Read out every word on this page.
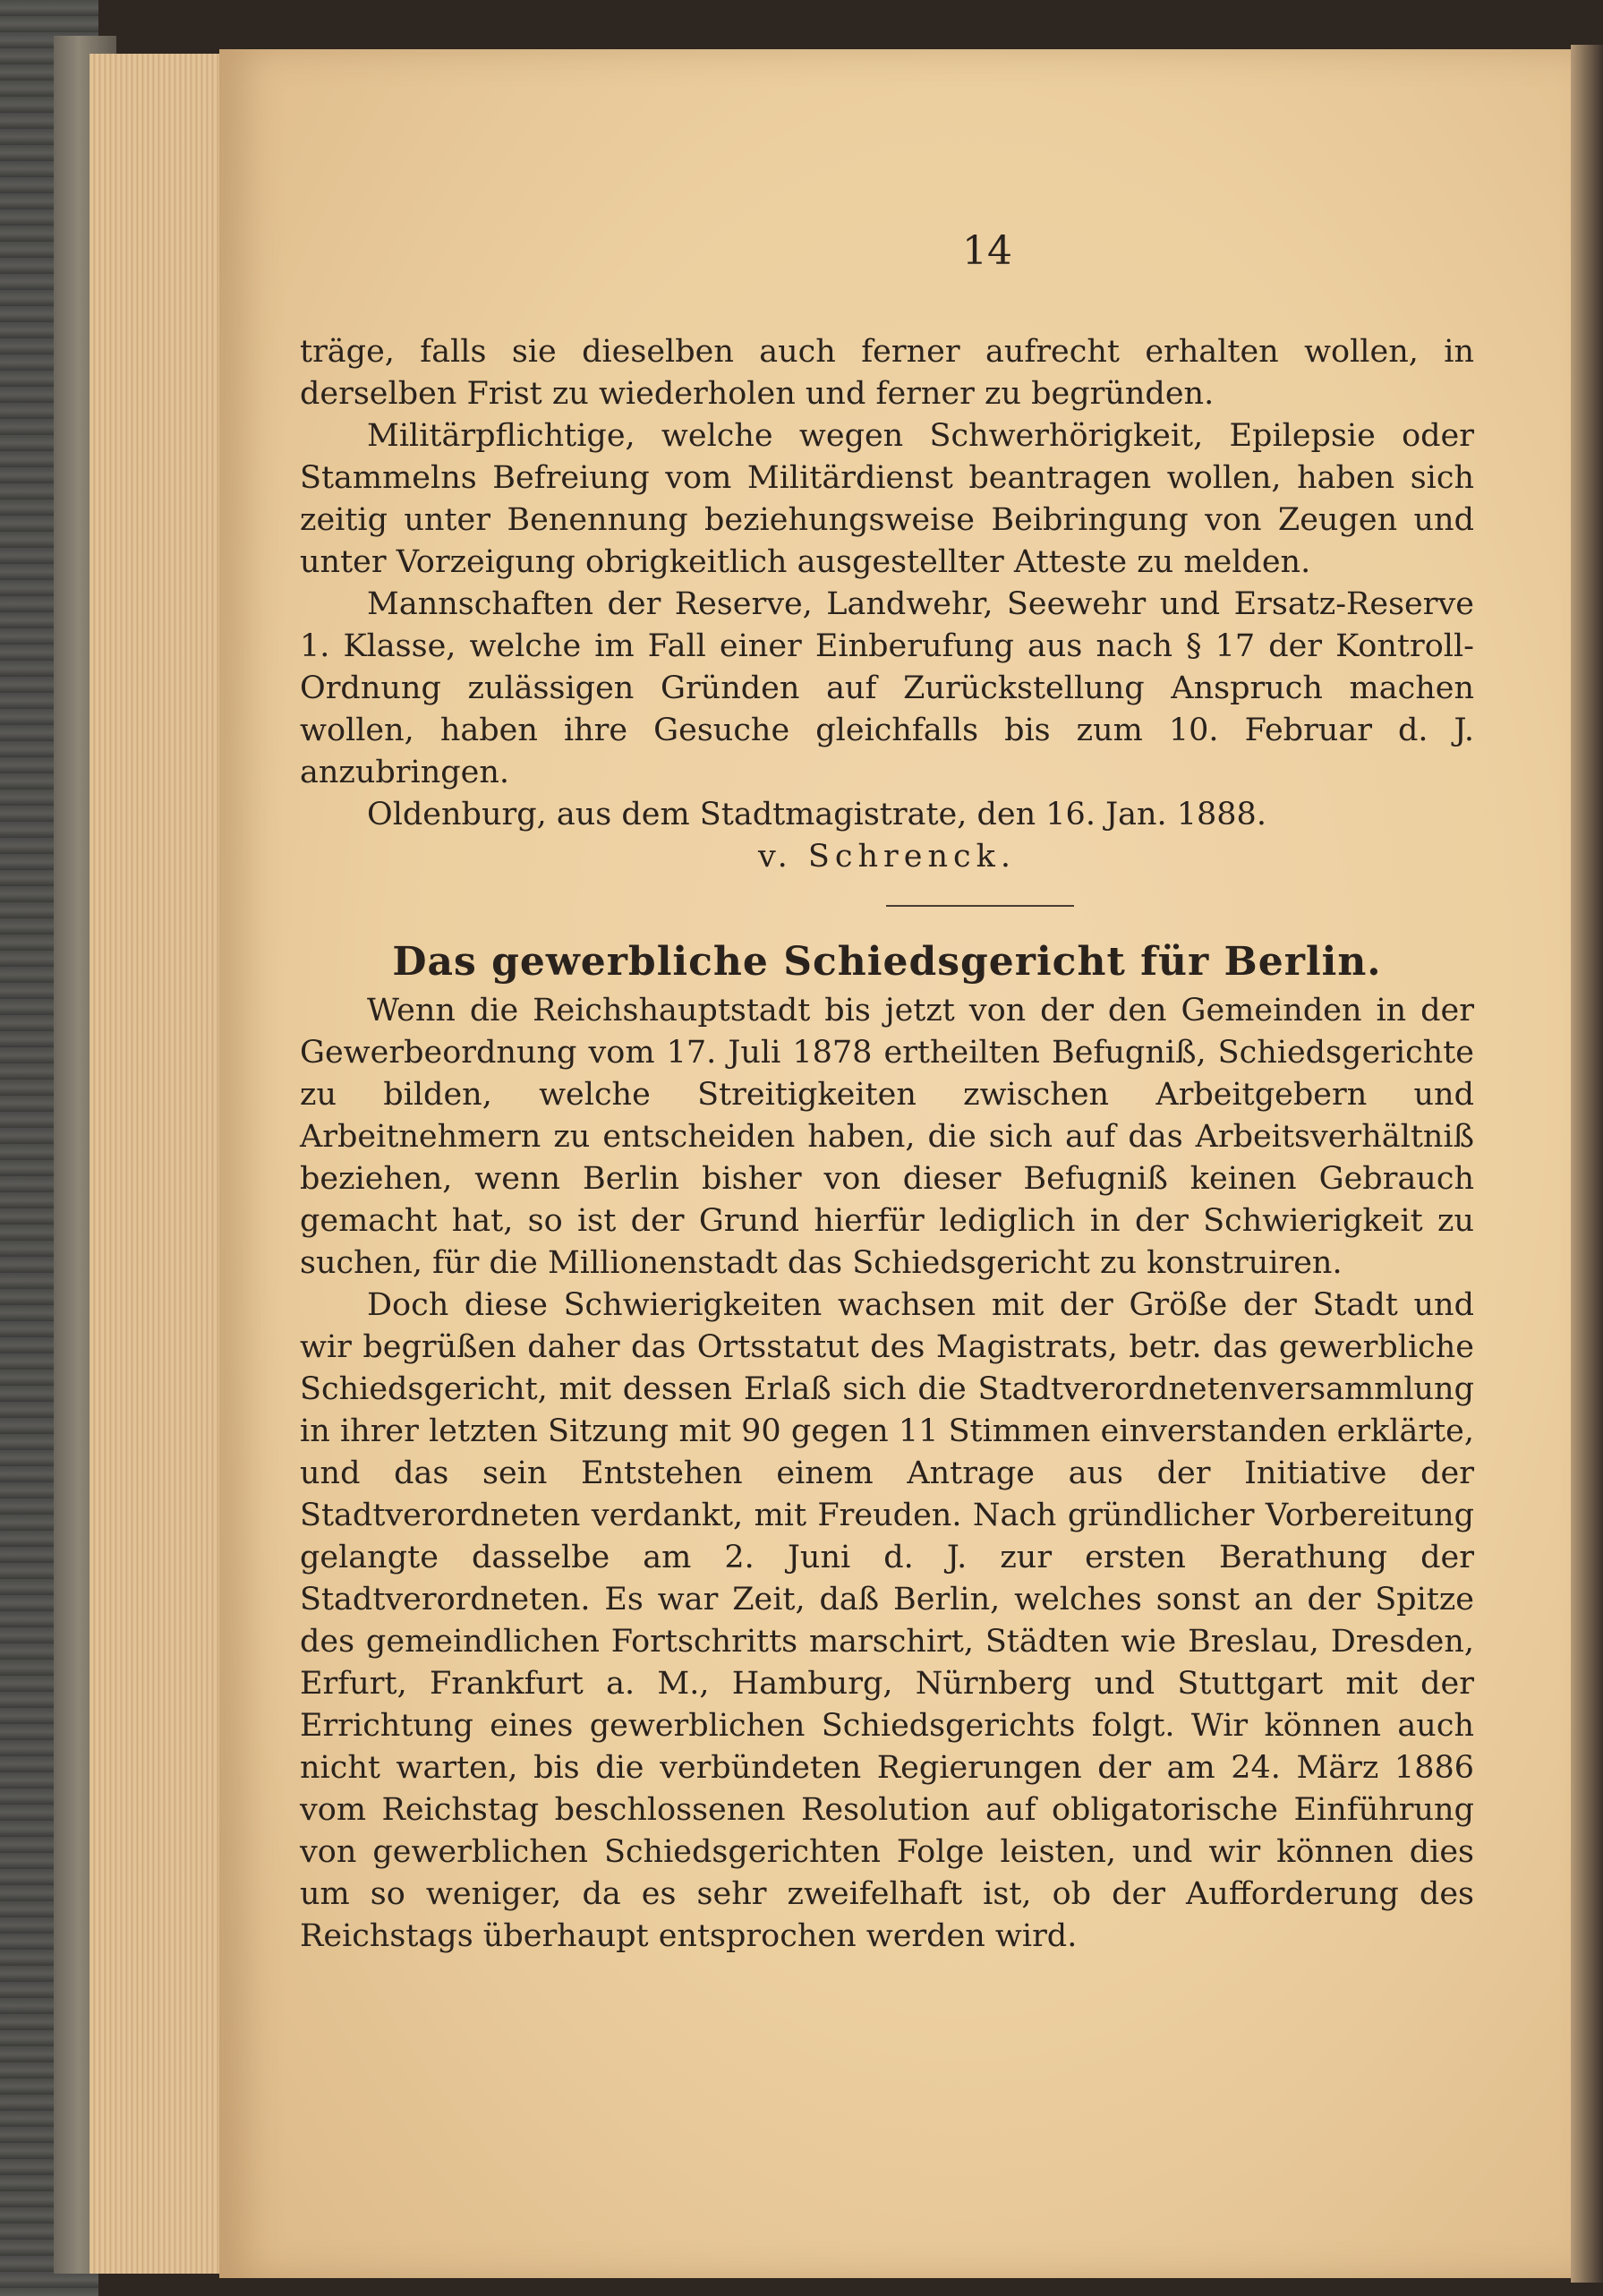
14

träge, falls sie dieselben auch ferner aufrecht erhalten wollen, in derselben Frist zu wiederholen und ferner zu begründen.

Militärpflichtige, welche wegen Schwerhörigkeit, Epilepsie oder Stammelns Befreiung vom Militärdienst beantragen wollen, haben sich zeitig unter Benennung beziehungsweise Beibringung von Zeugen und unter Vorzeigung obrigkeitlich ausgestellter Atteste zu melden.

Mannschaften der Reserve, Landwehr, Seewehr und Ersatz-Reserve 1. Klasse, welche im Fall einer Einberufung aus nach § 17 der Kontroll-Ordnung zulässigen Gründen auf Zurückstellung Anspruch machen wollen, haben ihre Gesuche gleichfalls bis zum 10. Februar d. J. anzubringen.

Oldenburg, aus dem Stadtmagistrate, den 16. Jan. 1888.

v. Schrenck.

Das gewerbliche Schiedsgericht für Berlin.

Wenn die Reichshauptstadt bis jetzt von der den Gemeinden in der Gewerbeordnung vom 17. Juli 1878 ertheilten Befugniß, Schiedsgerichte zu bilden, welche Streitigkeiten zwischen Arbeitgebern und Arbeitnehmern zu entscheiden haben, die sich auf das Arbeitsverhältniß beziehen, wenn Berlin bisher von dieser Befugniß keinen Gebrauch gemacht hat, so ist der Grund hierfür lediglich in der Schwierigkeit zu suchen, für die Millionenstadt das Schiedsgericht zu konstruiren.

Doch diese Schwierigkeiten wachsen mit der Größe der Stadt und wir begrüßen daher das Ortsstatut des Magistrats, betr. das gewerbliche Schiedsgericht, mit dessen Erlaß sich die Stadtverordnetenversammlung in ihrer letzten Sitzung mit 90 gegen 11 Stimmen einverstanden erklärte, und das sein Entstehen einem Antrage aus der Initiative der Stadtverordneten verdankt, mit Freuden. Nach gründlicher Vorbereitung gelangte dasselbe am 2. Juni d. J. zur ersten Berathung der Stadtverordneten. Es war Zeit, daß Berlin, welches sonst an der Spitze des gemeindlichen Fortschritts marschirt, Städten wie Breslau, Dresden, Erfurt, Frankfurt a. M., Hamburg, Nürnberg und Stuttgart mit der Errichtung eines gewerblichen Schiedsgerichts folgt. Wir können auch nicht warten, bis die verbündeten Regierungen der am 24. März 1886 vom Reichstag beschlossenen Resolution auf obligatorische Einführung von gewerblichen Schiedsgerichten Folge leisten, und wir können dies um so weniger, da es sehr zweifelhaft ist, ob der Aufforderung des Reichstags überhaupt entsprochen werden wird.
